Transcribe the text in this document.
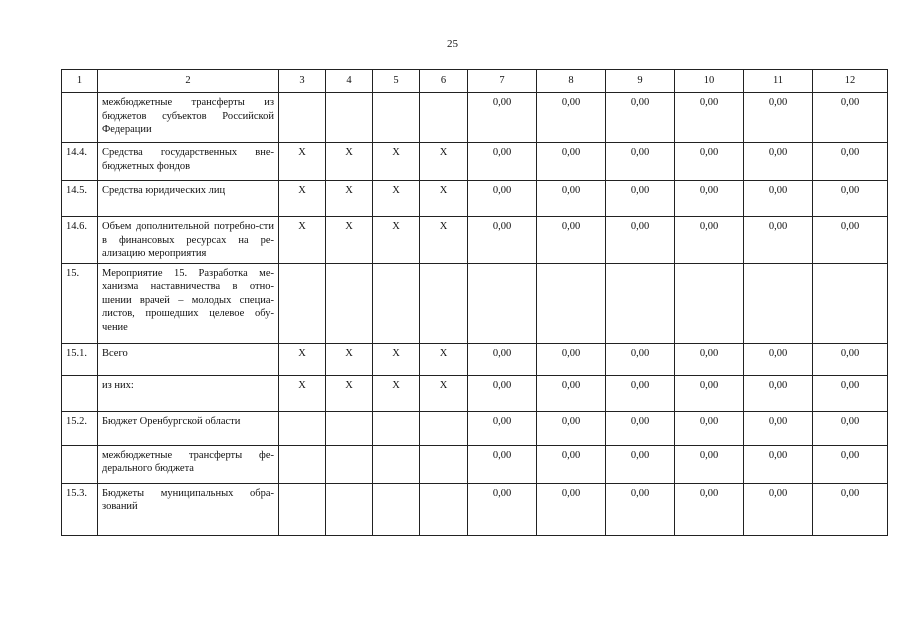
25
1	2	3	4	5	6	7	8	9	10	11	12
	межбюджетные трансферты из бюджетов субъектов Российской Федерации					0,00	0,00	0,00	0,00	0,00	0,00
14.4.	Средства государственных вне-бюджетных фондов	Х	Х	Х	Х	0,00	0,00	0,00	0,00	0,00	0,00
14.5.	Средства юридических лиц	Х	Х	Х	Х	0,00	0,00	0,00	0,00	0,00	0,00
14.6.	Объем дополнительной потребно-сти в финансовых ресурсах на ре-ализацию мероприятия	Х	Х	Х	Х	0,00	0,00	0,00	0,00	0,00	0,00
15.	Мероприятие 15. Разработка ме-ханизма наставничества в отно-шении врачей – молодых специа-листов, прошедших целевое обу-чение										
15.1.	Всего	Х	Х	Х	Х	0,00	0,00	0,00	0,00	0,00	0,00
	из них:	Х	Х	Х	Х	0,00	0,00	0,00	0,00	0,00	0,00
15.2.	Бюджет Оренбургской области					0,00	0,00	0,00	0,00	0,00	0,00
	межбюджетные трансферты фе-дерального бюджета					0,00	0,00	0,00	0,00	0,00	0,00
15.3.	Бюджеты муниципальных обра-зований					0,00	0,00	0,00	0,00	0,00	0,00
